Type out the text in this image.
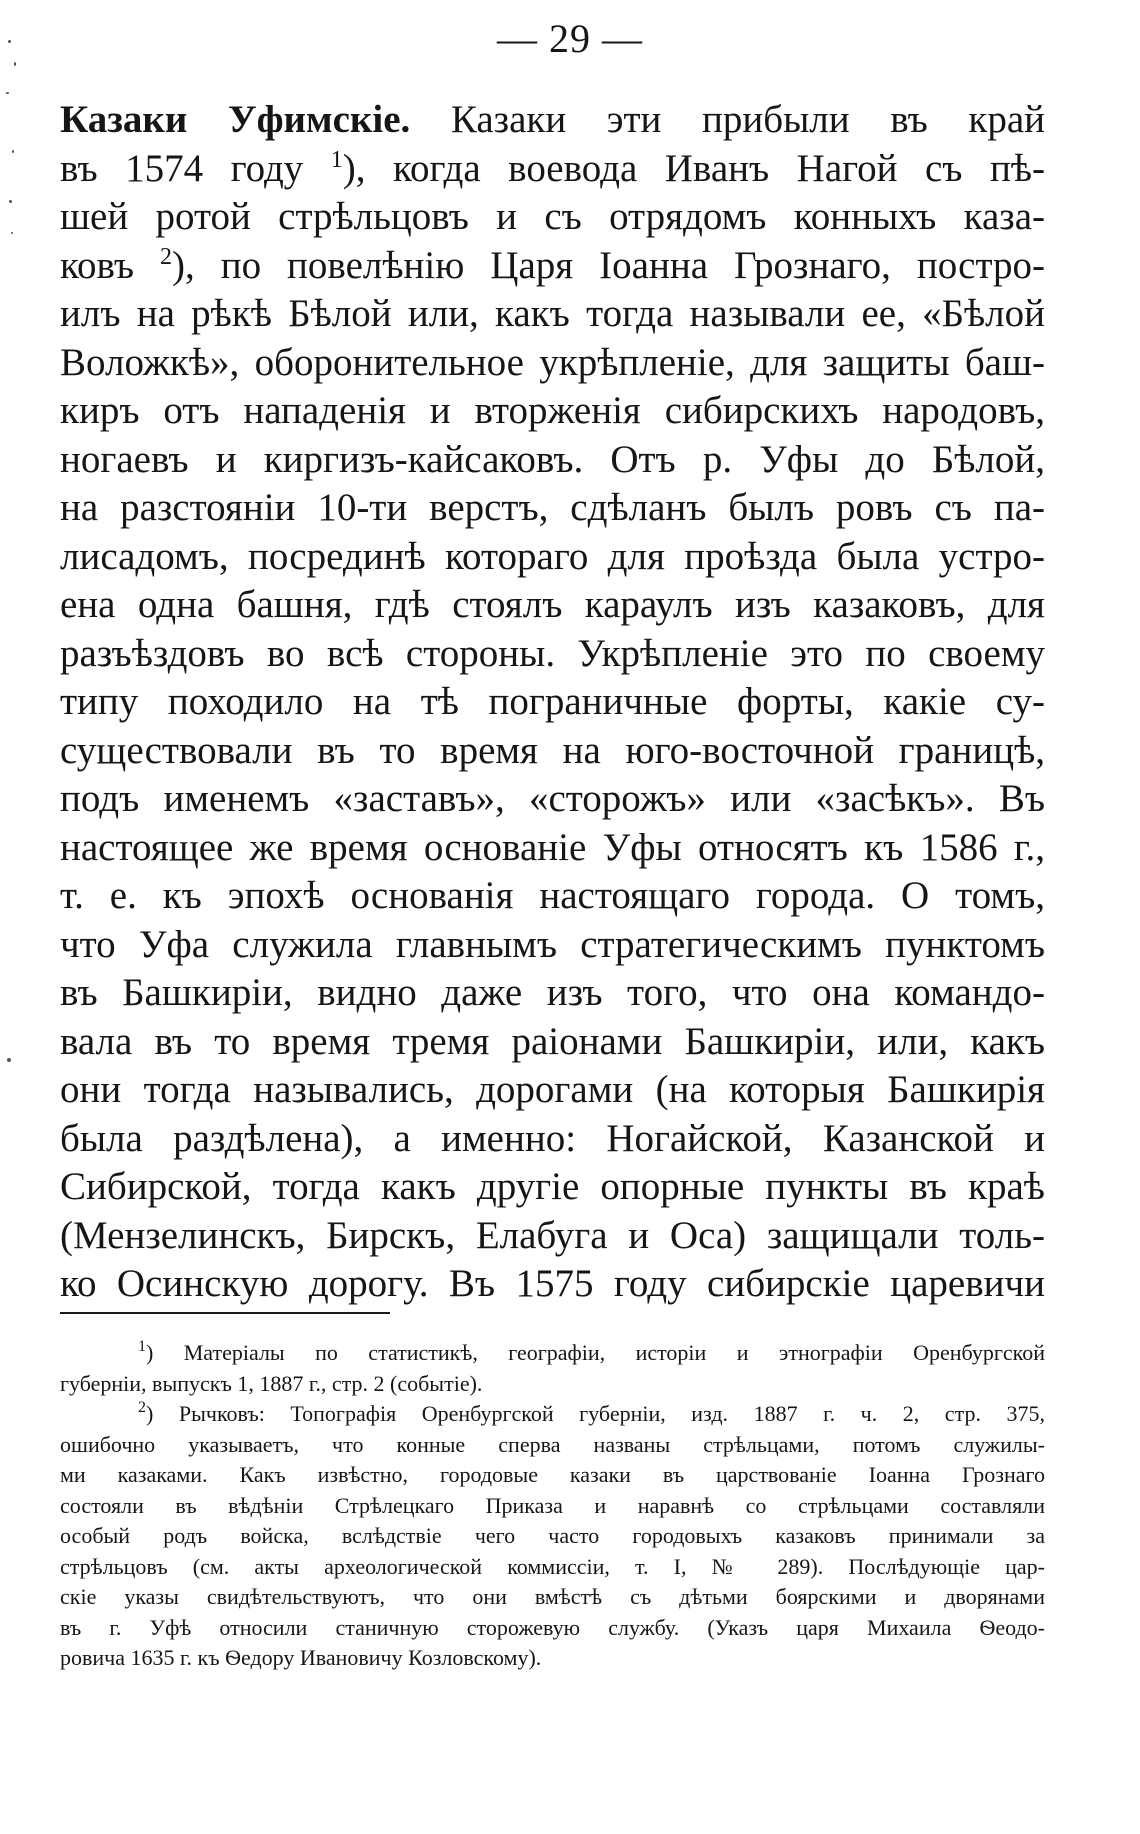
— 29 —
Казаки Уфимскіе. Казаки эти прибыли въ край
въ 1574 году $^1$), когда воевода Иванъ Нагой съ пѣ-
шей ротой стрѣльцовъ и съ отрядомъ конныхъ каза-
ковъ $^2$), по повелѣнію Царя Іоанна Грознаго, постро-
илъ на рѣкѣ Бѣлой или, какъ тогда называли ее, «Бѣлой
Воложкѣ», оборонительное укрѣпленіе, для защиты баш-
киръ отъ нападенія и вторженія сибирскихъ народовъ,
ногаевъ и киргизъ-кайсаковъ. Отъ р. Уфы до Бѣлой,
на разстояніи 10-ти верстъ, сдѣланъ былъ ровъ съ па-
лисадомъ, посрединѣ котораго для проѣзда была устро-
ена одна башня, гдѣ стоялъ караулъ изъ казаковъ, для
разъѣздовъ во всѣ стороны. Укрѣпленіе это по своему
типу походило на тѣ пограничные форты, какіе су-
существовали въ то время на юго-восточной границѣ,
подъ именемъ «заставъ», «сторожъ» или «засѣкъ». Въ
настоящее же время основаніе Уфы относятъ къ 1586 г.,
т. е. къ эпохѣ основанія настоящаго города. О томъ,
что Уфа служила главнымъ стратегическимъ пунктомъ
въ Башкиріи, видно даже изъ того, что она командо-
вала въ то время тремя раіонами Башкиріи, или, какъ
они тогда назывались, дорогами (на которыя Башкирія
была раздѣлена), а именно: Ногайской, Казанской и
Сибирской, тогда какъ другіе опорные пункты въ краѣ
(Мензелинскъ, Бирскъ, Елабуга и Оса) защищали толь-
ко Осинскую дорогу. Въ 1575 году сибирскіе царевичи
$^1$) Матеріалы по статистикѣ, географіи, исторіи и этнографіи Оренбургской
губерніи, выпускъ 1, 1887 г., стр. 2 (событіе).
$^2$) Рычковъ: Топографія Оренбургской губерніи, изд. 1887 г. ч. 2, стр. 375,
ошибочно указываетъ, что конные сперва названы стрѣльцами, потомъ служилы-
ми казаками. Какъ извѣстно, городовые казаки въ царствованіе Іоанна Грознаго
состояли въ вѣдѣніи Стрѣлецкаго Приказа и наравнѣ со стрѣльцами составляли
особый родъ войска, вслѣдствіе чего часто городовыхъ казаковъ принимали за
стрѣльцовъ (см. акты археологической коммиссіи, т. I, № 289). Послѣдующіе цар-
скіе указы свидѣтельствуютъ, что они вмѣстѣ съ дѣтьми боярскими и дворянами
въ г. Уфѣ относили станичную сторожевую службу. (Указъ царя Михаила Ѳеодо-
ровича 1635 г. къ Ѳедору Ивановичу Козловскому).
